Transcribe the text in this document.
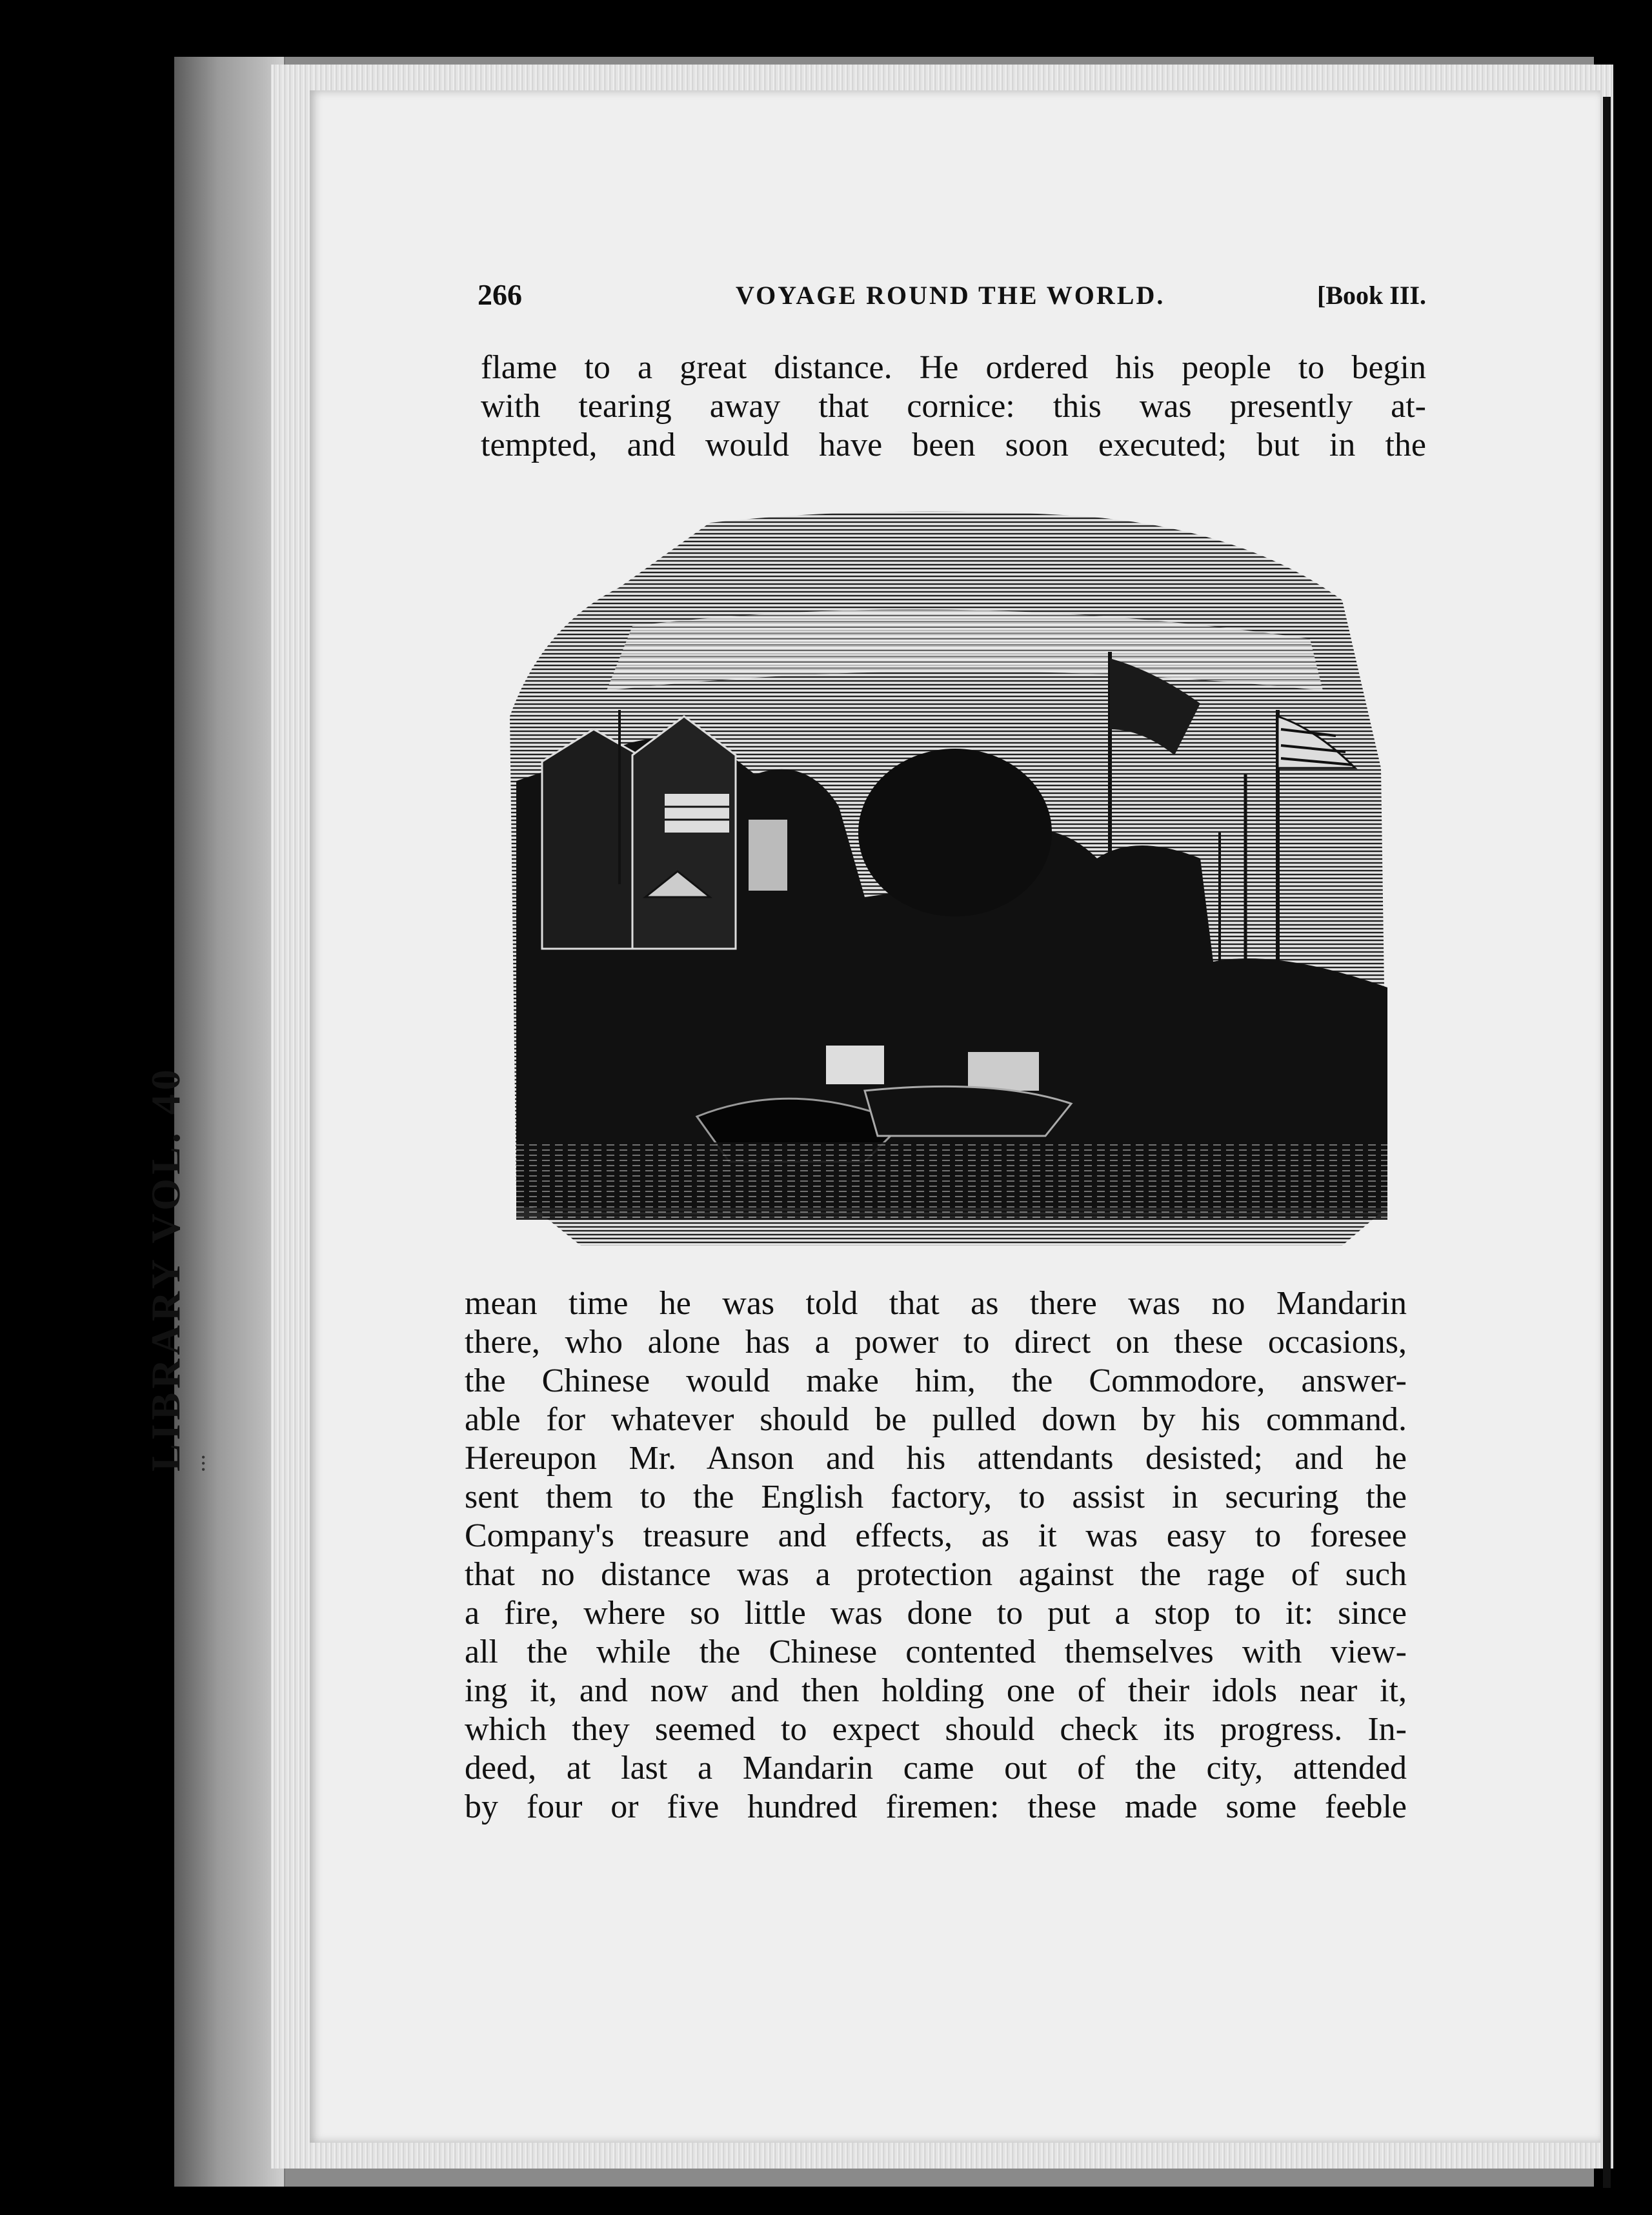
LIBRARY VOL. 40 ...
266	VOYAGE ROUND THE WORLD.	[Book III.

flame to a great distance. He ordered his people to begin
with tearing away that cornice: this was presently at-
tempted, and would have been soon executed; but in the

mean time he was told that as there was no Mandarin
there, who alone has a power to direct on these occasions,
the Chinese would make him, the Commodore, answer-
able for whatever should be pulled down by his command.
Hereupon Mr. Anson and his attendants desisted; and he
sent them to the English factory, to assist in securing the
Company's treasure and effects, as it was easy to foresee
that no distance was a protection against the rage of such
a fire, where so little was done to put a stop to it: since
all the while the Chinese contented themselves with view-
ing it, and now and then holding one of their idols near it,
which they seemed to expect should check its progress. In-
deed, at last a Mandarin came out of the city, attended
by four or five hundred firemen: these made some feeble
